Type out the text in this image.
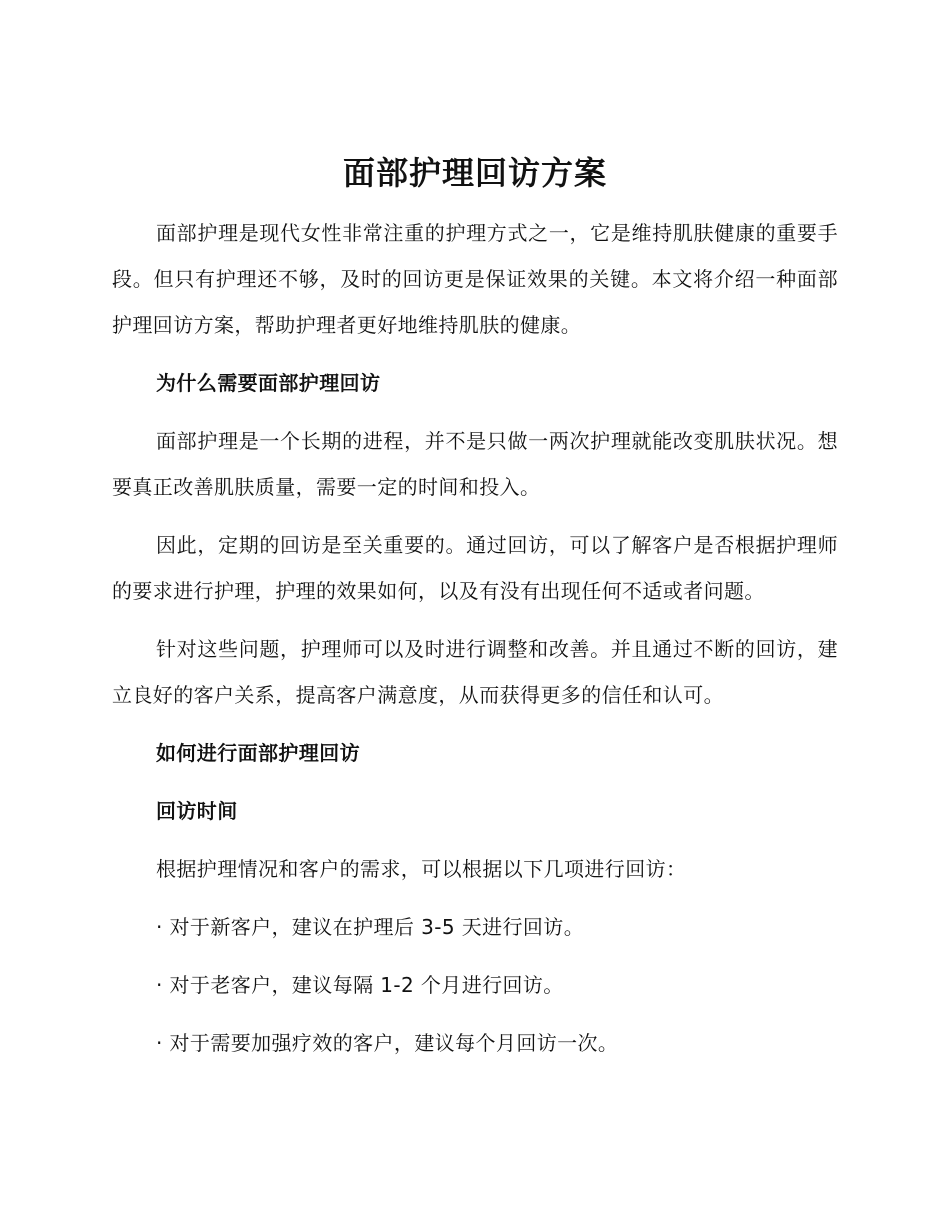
面部护理回访方案

面部护理是现代女性非常注重的护理方式之一，它是维持肌肤健康的重要手段。但只有护理还不够，及时的回访更是保证效果的关键。本文将介绍一种面部护理回访方案，帮助护理者更好地维持肌肤的健康。

为什么需要面部护理回访

面部护理是一个长期的进程，并不是只做一两次护理就能改变肌肤状况。想要真正改善肌肤质量，需要一定的时间和投入。

因此，定期的回访是至关重要的。通过回访，可以了解客户是否根据护理师的要求进行护理，护理的效果如何，以及有没有出现任何不适或者问题。

针对这些问题，护理师可以及时进行调整和改善。并且通过不断的回访，建立良好的客户关系，提高客户满意度，从而获得更多的信任和认可。

如何进行面部护理回访

回访时间

根据护理情况和客户的需求，可以根据以下几项进行回访：

· 对于新客户，建议在护理后 3-5 天进行回访。

· 对于老客户，建议每隔 1-2 个月进行回访。

· 对于需要加强疗效的客户，建议每个月回访一次。
